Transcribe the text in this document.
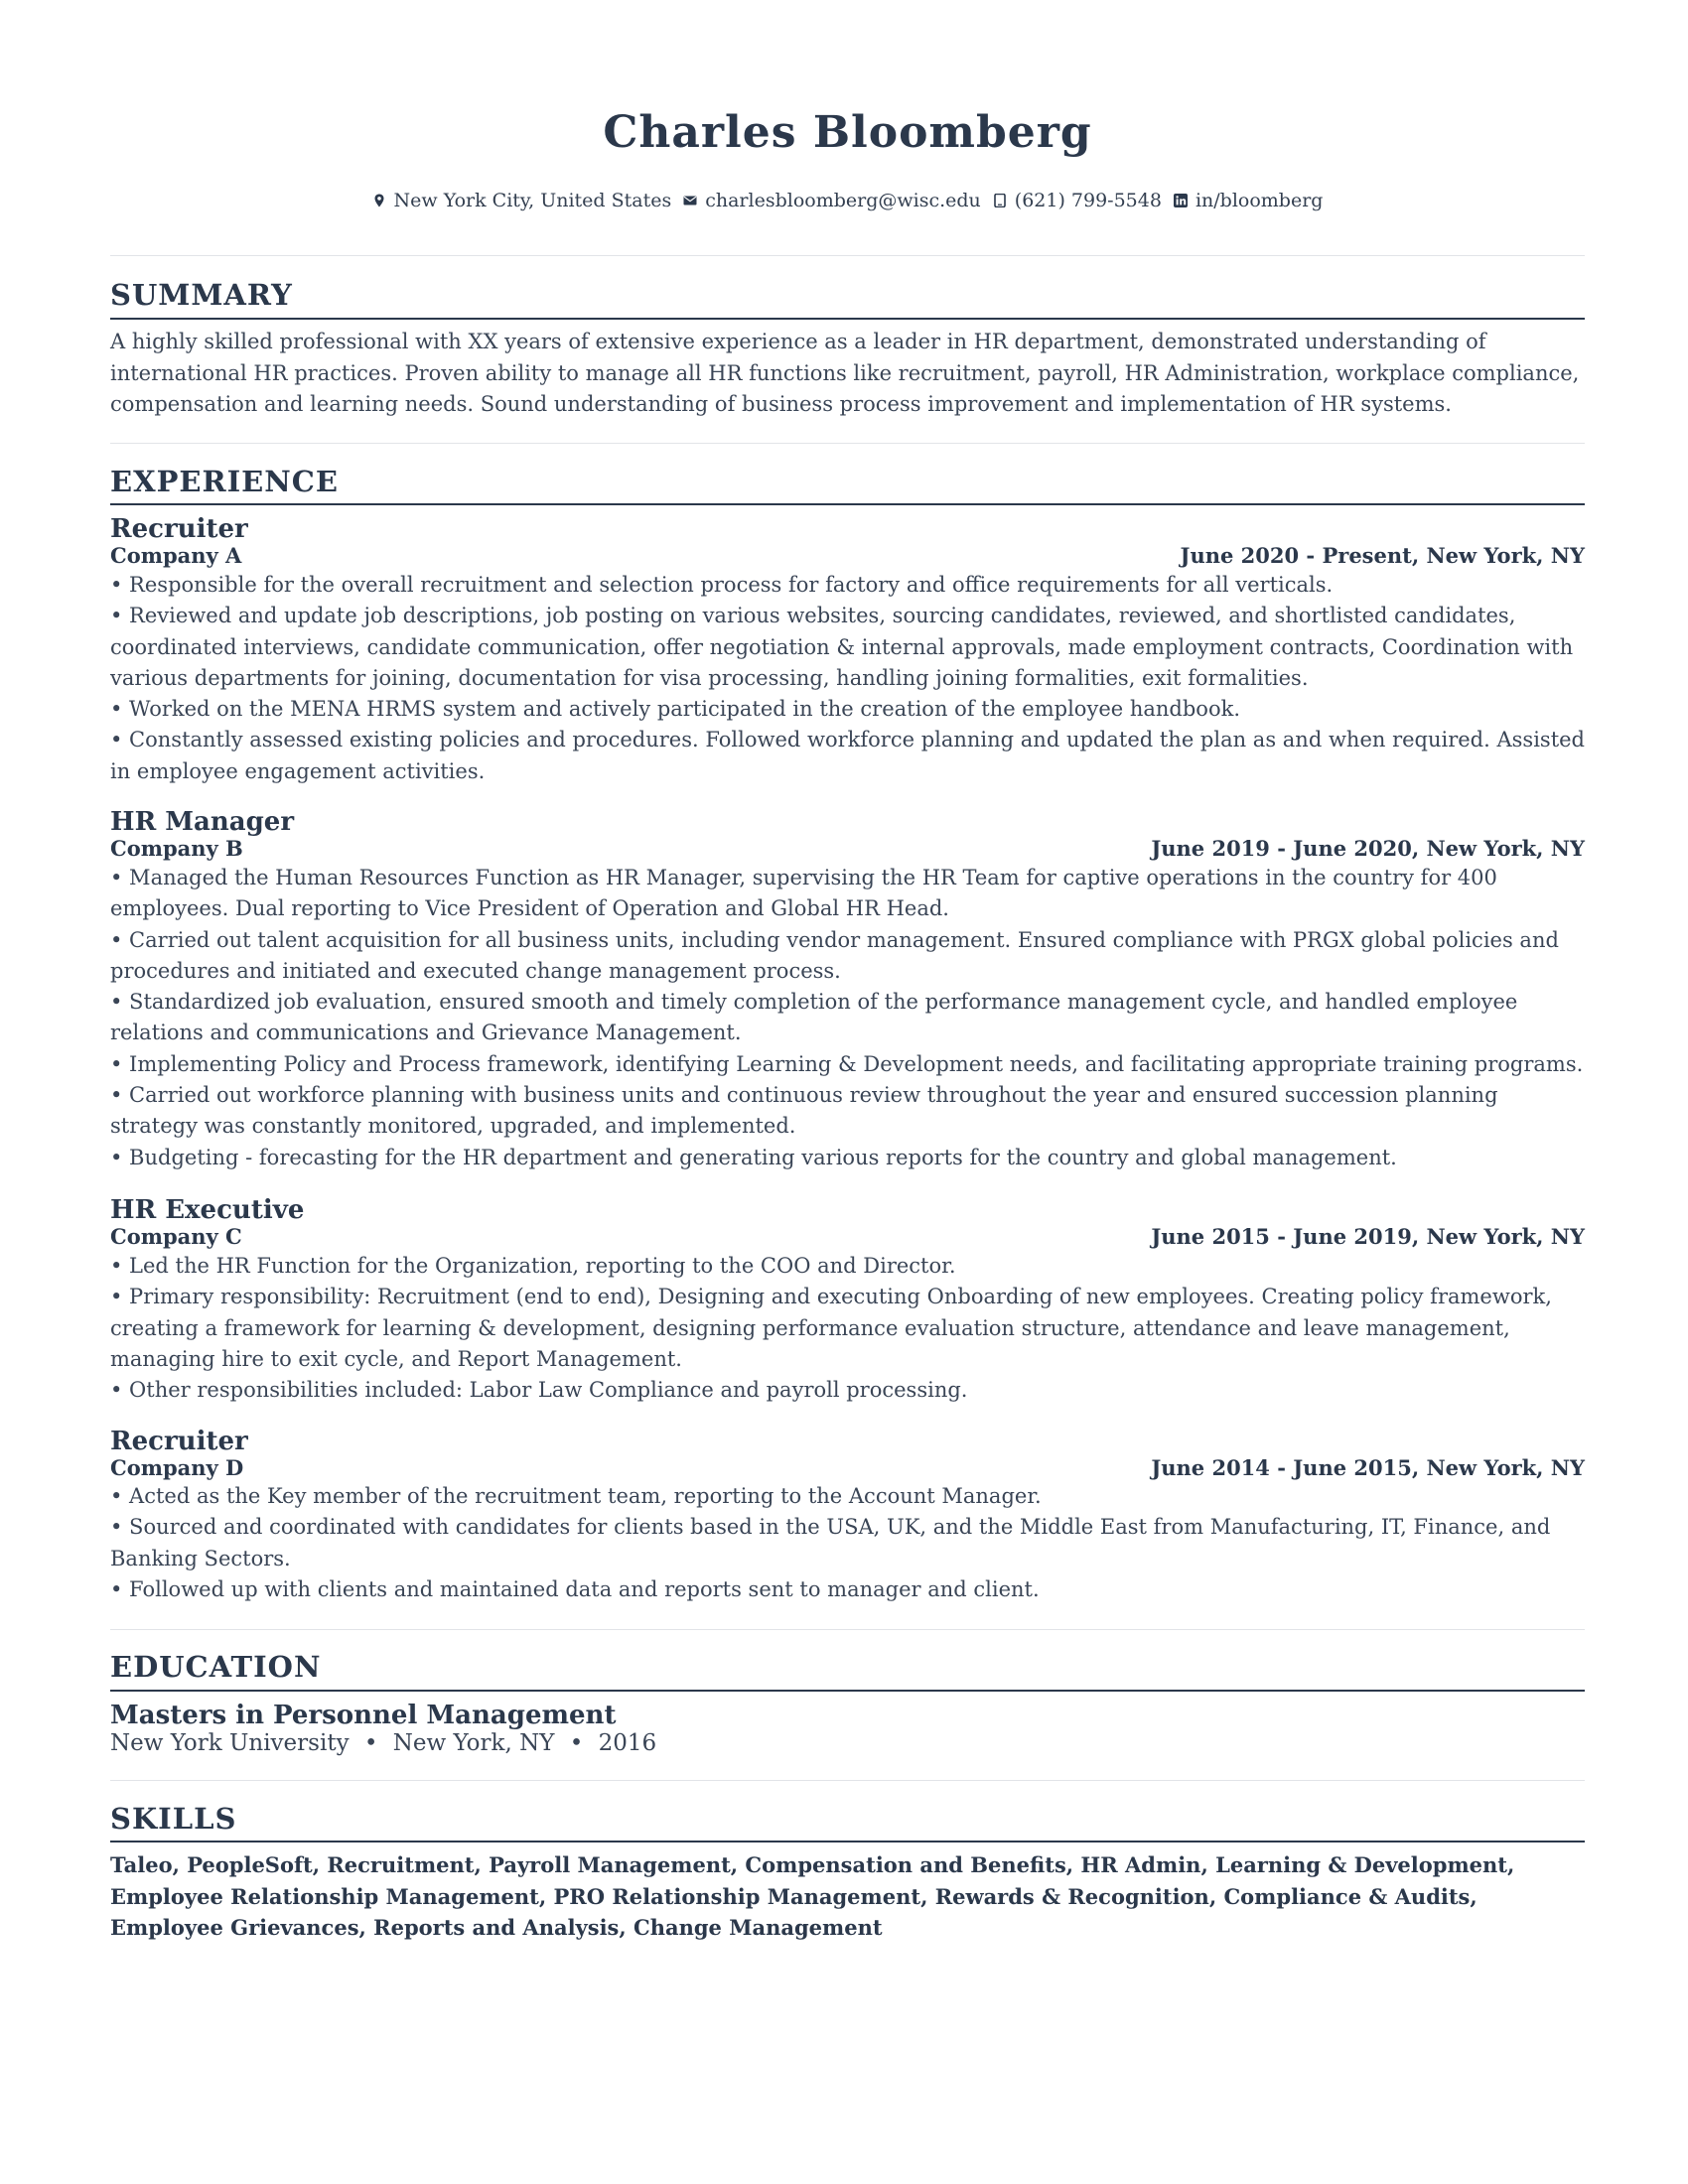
Charles Bloomberg
New York City, United States charlesbloomberg@wisc.edu (621) 799-5548 in/bloomberg
SUMMARY

A highly skilled professional with XX years of extensive experience as a leader in HR department, demonstrated understanding of international HR practices. Proven ability to manage all HR functions like recruitment, payroll, HR Administration, workplace compliance, compensation and learning needs. Sound understanding of business process improvement and implementation of HR systems.

EXPERIENCE
Recruiter
Company A	June 2020 - Present, New York, NY
• Responsible for the overall recruitment and selection process for factory and office requirements for all verticals.
• Reviewed and update job descriptions, job posting on various websites, sourcing candidates, reviewed, and shortlisted candidates, coordinated interviews, candidate communication, offer negotiation & internal approvals, made employment contracts, Coordination with various departments for joining, documentation for visa processing, handling joining formalities, exit formalities.
• Worked on the MENA HRMS system and actively participated in the creation of the employee handbook.
• Constantly assessed existing policies and procedures. Followed workforce planning and updated the plan as and when required. Assisted in employee engagement activities.
HR Manager
Company B	June 2019 - June 2020, New York, NY
• Managed the Human Resources Function as HR Manager, supervising the HR Team for captive operations in the country for 400 employees. Dual reporting to Vice President of Operation and Global HR Head.
• Carried out talent acquisition for all business units, including vendor management. Ensured compliance with PRGX global policies and procedures and initiated and executed change management process.
• Standardized job evaluation, ensured smooth and timely completion of the performance management cycle, and handled employee relations and communications and Grievance Management.
• Implementing Policy and Process framework, identifying Learning & Development needs, and facilitating appropriate training programs.
• Carried out workforce planning with business units and continuous review throughout the year and ensured succession planning strategy was constantly monitored, upgraded, and implemented.
• Budgeting - forecasting for the HR department and generating various reports for the country and global management.
HR Executive
Company C	June 2015 - June 2019, New York, NY
• Led the HR Function for the Organization, reporting to the COO and Director.
• Primary responsibility: Recruitment (end to end), Designing and executing Onboarding of new employees. Creating policy framework, creating a framework for learning & development, designing performance evaluation structure, attendance and leave management, managing hire to exit cycle, and Report Management.
• Other responsibilities included: Labor Law Compliance and payroll processing.
Recruiter
Company D	June 2014 - June 2015, New York, NY
• Acted as the Key member of the recruitment team, reporting to the Account Manager.
• Sourced and coordinated with candidates for clients based in the USA, UK, and the Middle East from Manufacturing, IT, Finance, and Banking Sectors.
• Followed up with clients and maintained data and reports sent to manager and client.
EDUCATION
Masters in Personnel Management
New York University • New York, NY • 2016
SKILLS

Taleo, PeopleSoft, Recruitment, Payroll Management, Compensation and Benefits, HR Admin, Learning & Development, Employee Relationship Management, PRO Relationship Management, Rewards & Recognition, Compliance & Audits, Employee Grievances, Reports and Analysis, Change Management
